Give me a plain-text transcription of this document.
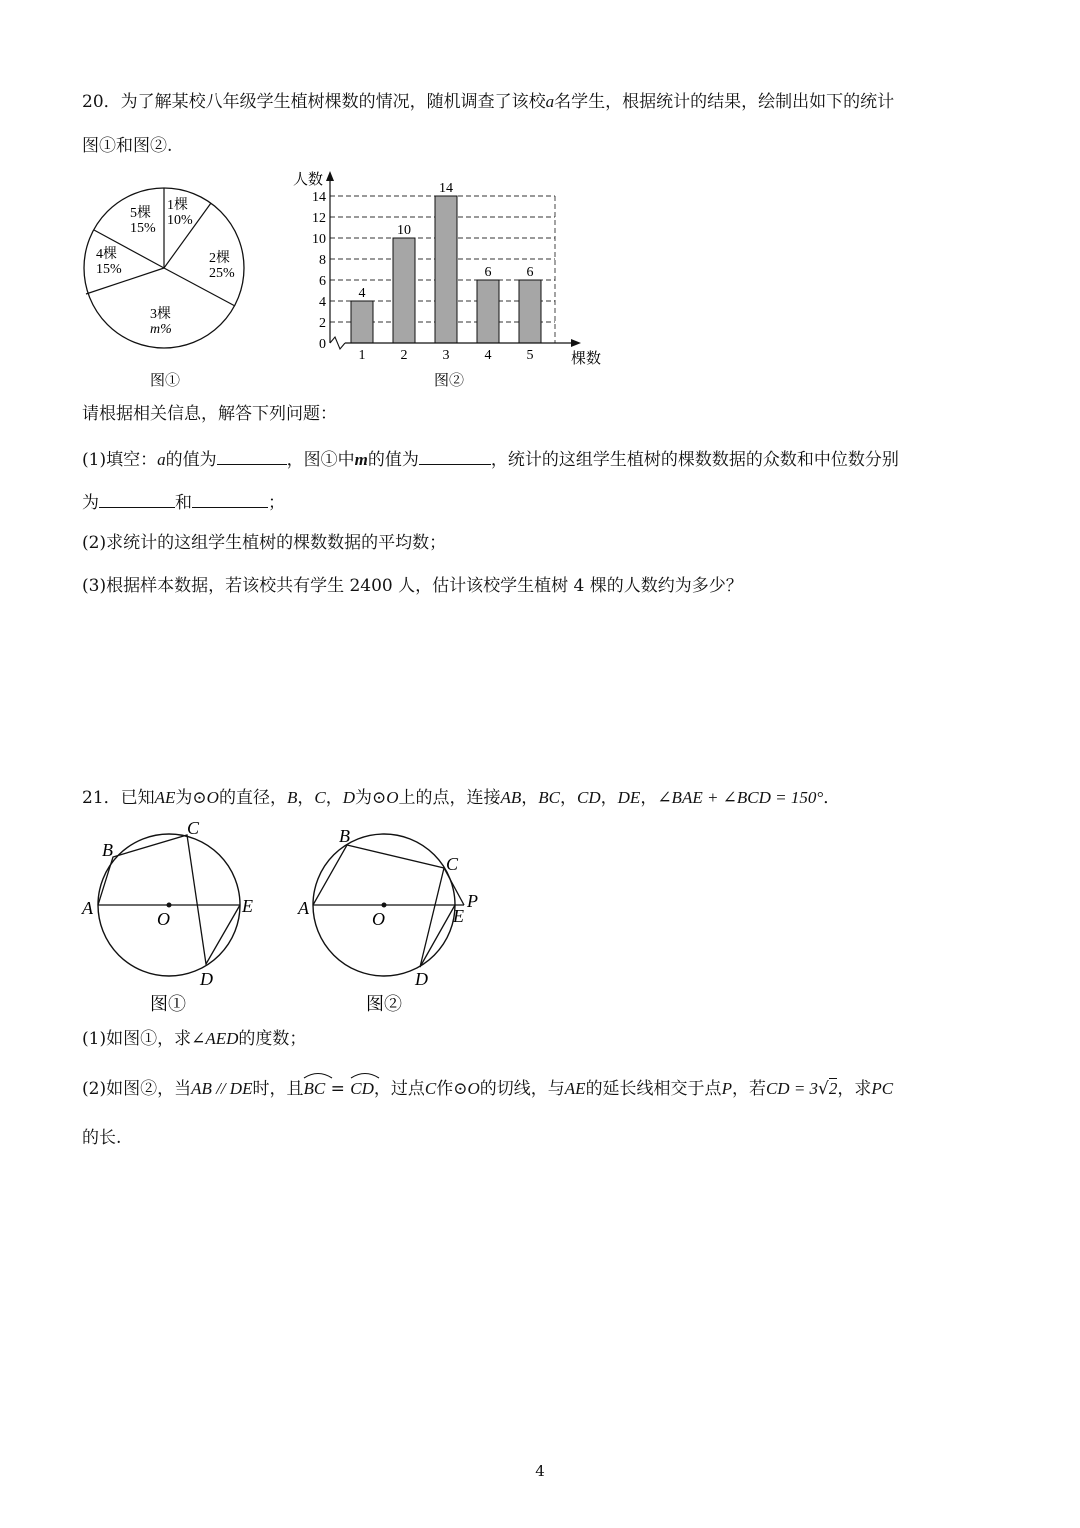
20．为了解某校八年级学生植树棵数的情况，随机调查了该校a名学生，根据统计的结果，绘制出如下的统计
图①和图②.
1棵
10%
2棵
25%
3棵
m%
4棵
15%
5棵
15%
图①
4
10
14
6	6
0
2
4
6
8
10
12
14
1	2	3	4	5
人数
棵数
图②
请根据相关信息，解答下列问题：
(1)填空：a的值为	，图①中m的值为	，统计的这组学生植树的棵数数据的众数和中位数分别
为	和	；
(2)求统计的这组学生植树的棵数数据的平均数；
(3)根据样本数据，若该校共有学生 2400 人，估计该校学生植树 4 棵的人数约为多少？
21．已知AE为⊙O的直径，B，C，D为⊙O上的点，连接AB，BC，CD，DE，∠BAE + ∠BCD = 150°．
A
B
C
D
E
O
图①
A
B
C
D
E
P
O
图②
(1)如图①，求∠AED的度数；
(2)如图②，当AB // DE时，且
BC =
CD，过点C作⊙O的切线，与AE的延长线相交于点P，若CD = 3√2，求PC
的长.
4
